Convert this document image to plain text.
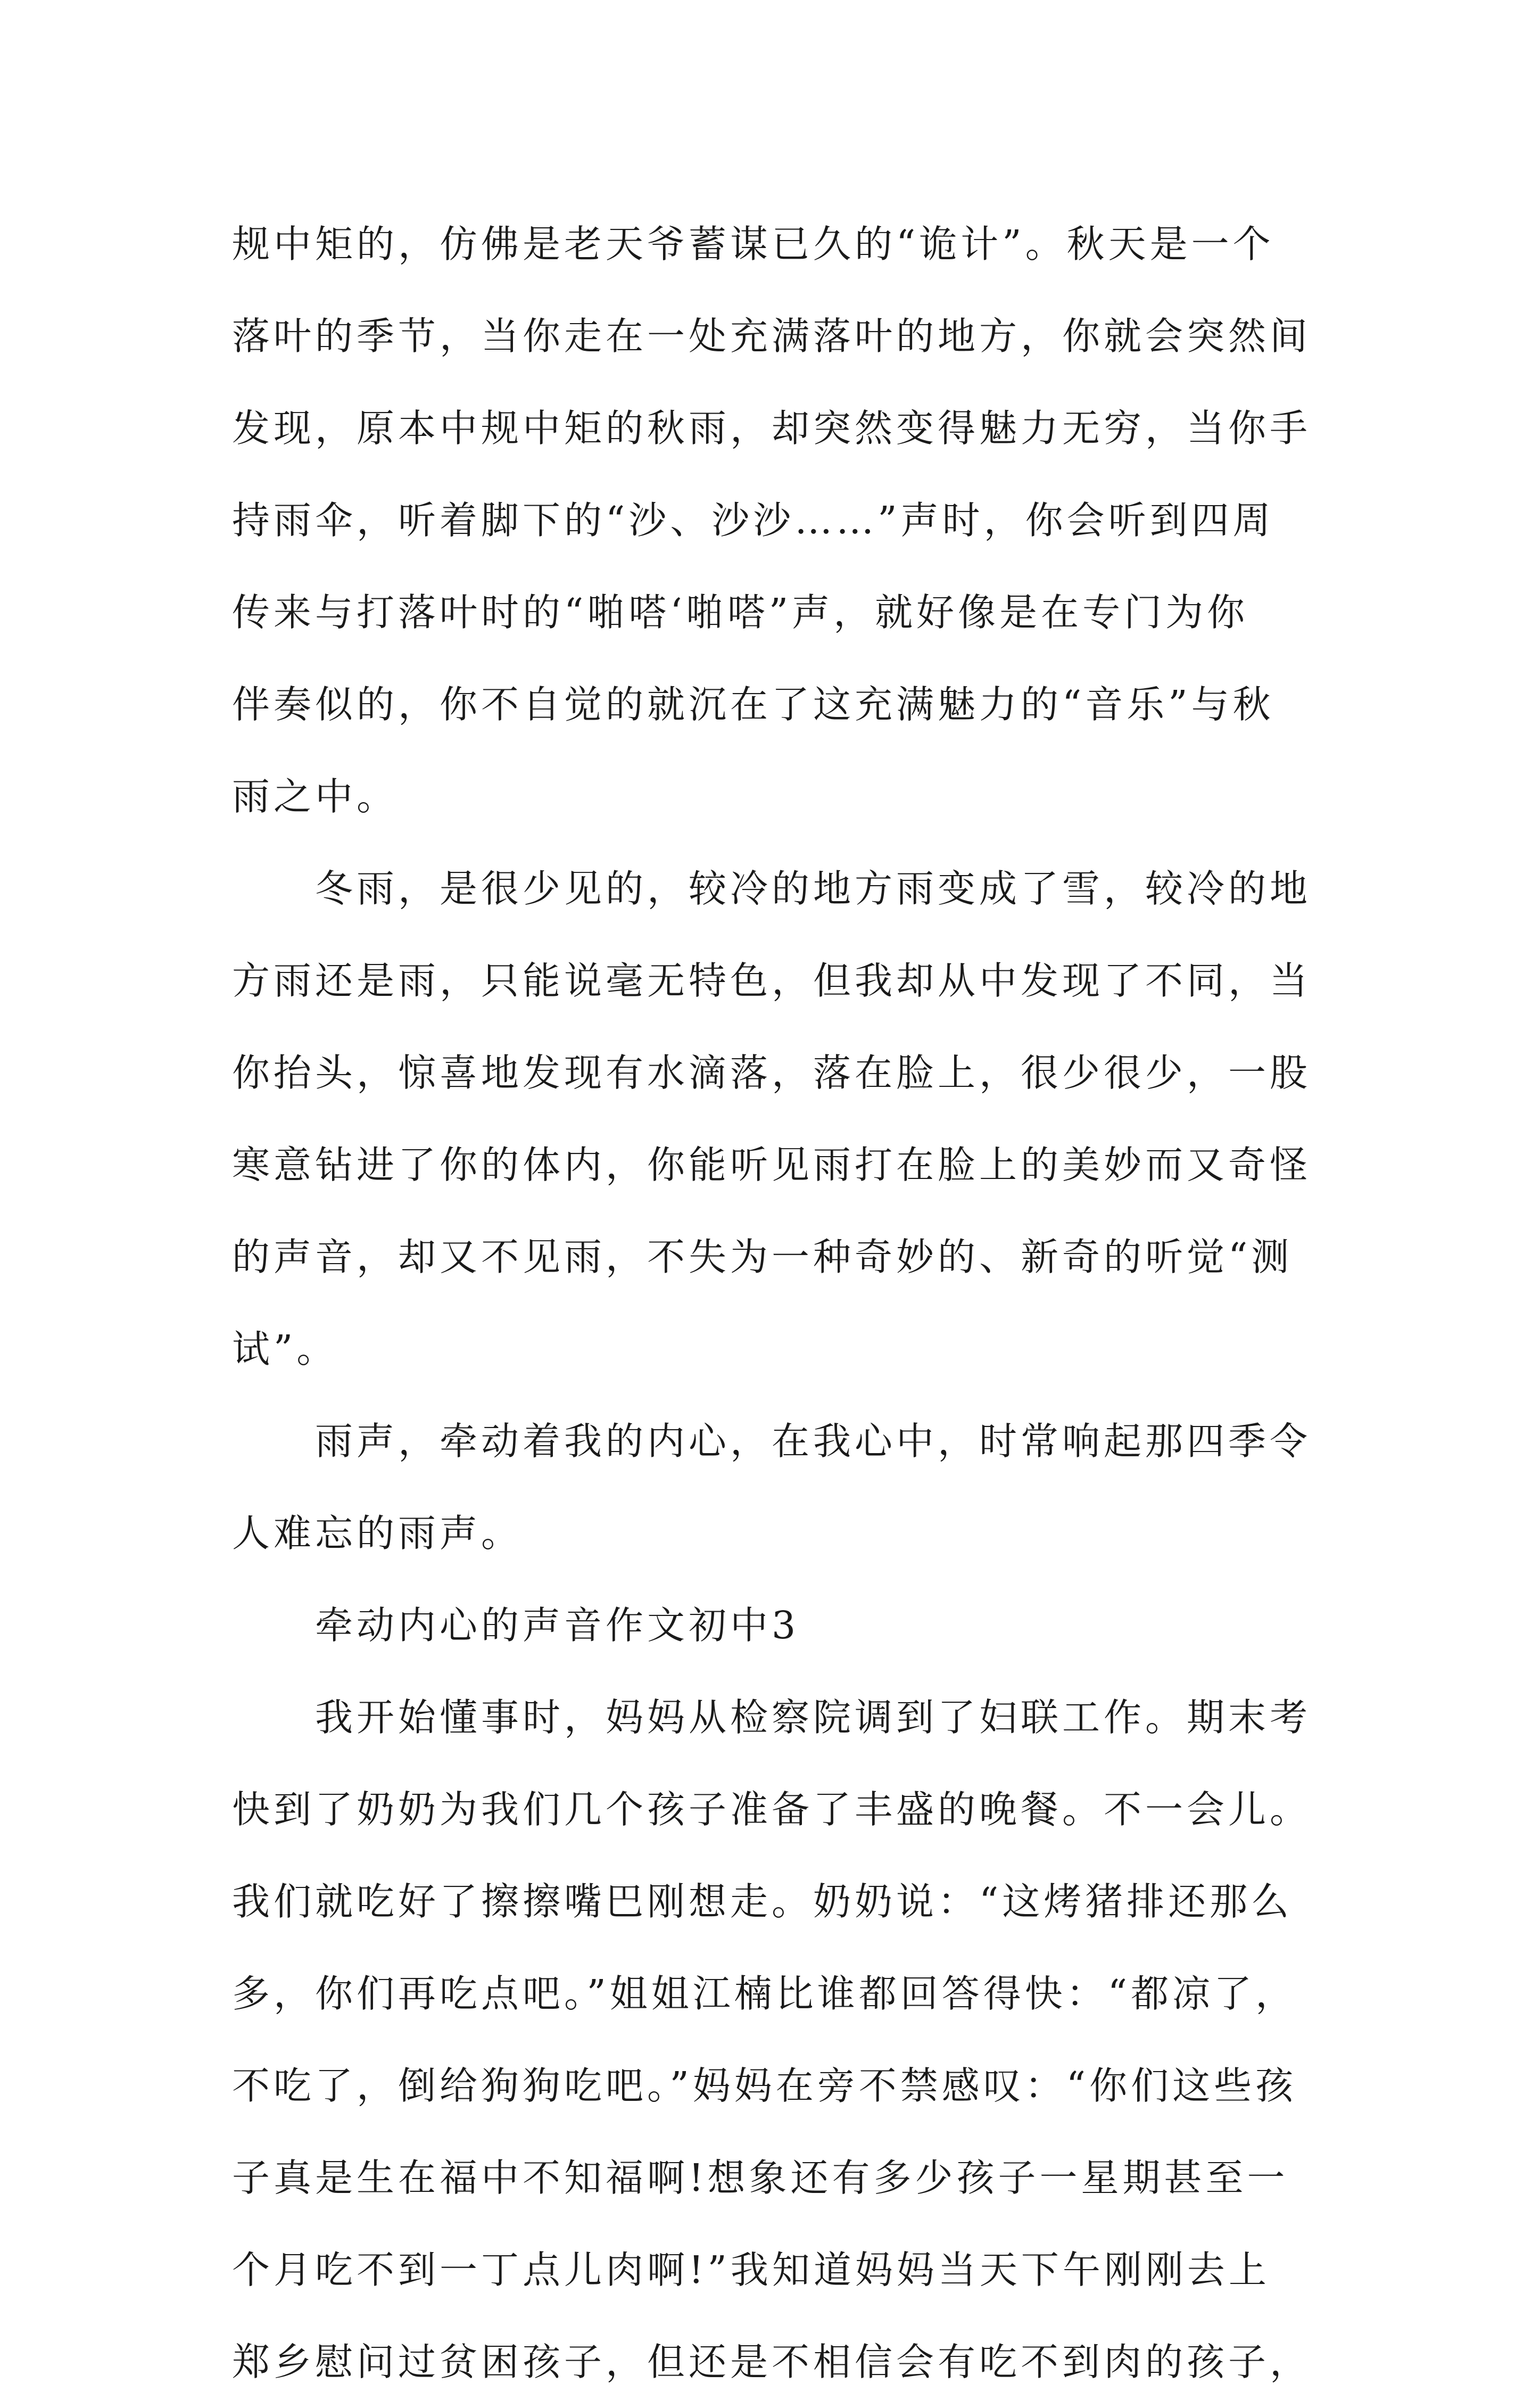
规中矩的，仿佛是老天爷蓄谋已久的“诡计”。秋天是一个
落叶的季节，当你走在一处充满落叶的地方，你就会突然间
发现，原本中规中矩的秋雨，却突然变得魅力无穷，当你手
持雨伞，听着脚下的“沙、沙沙……”声时，你会听到四周
传来与打落叶时的“啪嗒‘啪嗒”声，就好像是在专门为你
伴奏似的，你不自觉的就沉在了这充满魅力的“音乐”与秋
雨之中。
冬雨，是很少见的，较冷的地方雨变成了雪，较冷的地
方雨还是雨，只能说毫无特色，但我却从中发现了不同，当
你抬头，惊喜地发现有水滴落，落在脸上，很少很少，一股
寒意钻进了你的体内，你能听见雨打在脸上的美妙而又奇怪
的声音，却又不见雨，不失为一种奇妙的、新奇的听觉“测
试”。
雨声，牵动着我的内心，在我心中，时常响起那四季令
人难忘的雨声。
牵动内心的声音作文初中3
我开始懂事时，妈妈从检察院调到了妇联工作。期末考
快到了奶奶为我们几个孩子准备了丰盛的晚餐。不一会儿。
我们就吃好了擦擦嘴巴刚想走。奶奶说：“这烤猪排还那么
多，你们再吃点吧。”姐姐江楠比谁都回答得快：“都凉了，
不吃了，倒给狗狗吃吧。”妈妈在旁不禁感叹：“你们这些孩
子真是生在福中不知福啊!想象还有多少孩子一星期甚至一
个月吃不到一丁点儿肉啊!”我知道妈妈当天下午刚刚去上
郑乡慰问过贫困孩子，但还是不相信会有吃不到肉的孩子，
